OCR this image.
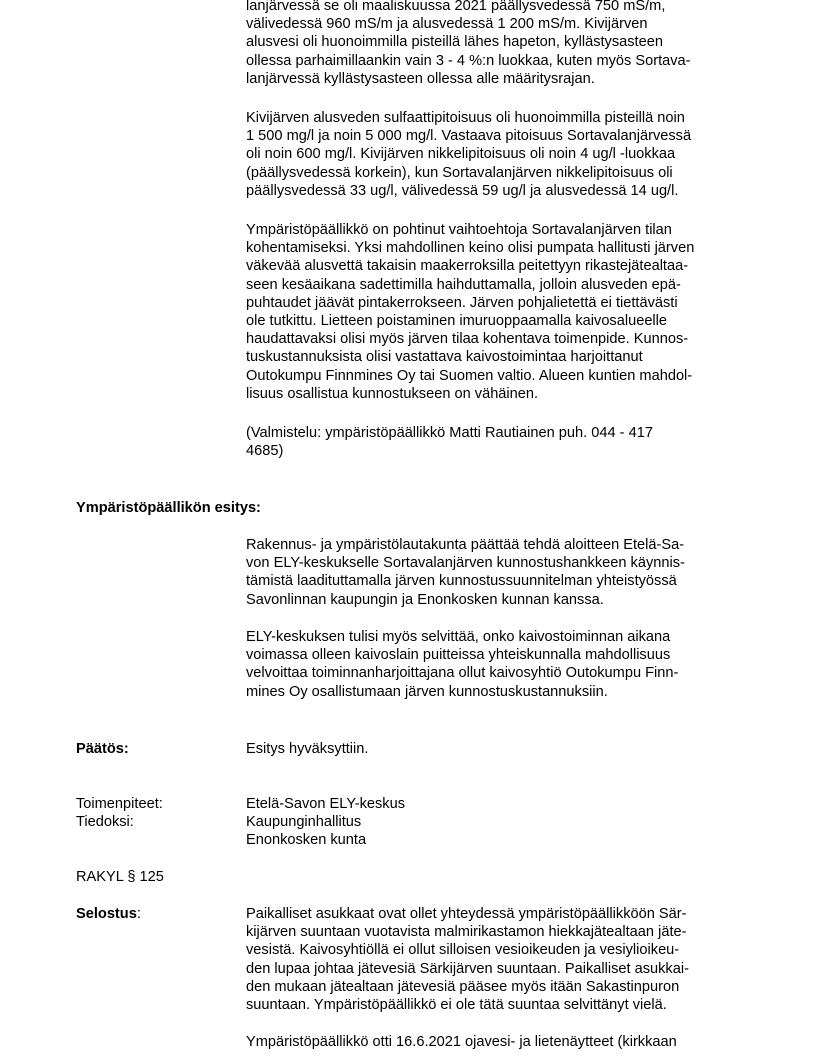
lanjärvessä se oli maaliskuussa 2021 päällysvedessä 750 mS/m,
välivedessä 960 mS/m ja alusvedessä 1 200 mS/m. Kivijärven
alusvesi oli huonoimmilla pisteillä lähes hapeton, kyllästysasteen
ollessa parhaimillaankin vain 3 - 4 %:n luokkaa, kuten myös Sortava-
lanjärvessä kyllästysasteen ollessa alle määritysrajan.

Kivijärven alusveden sulfaattipitoisuus oli huonoimmilla pisteillä noin
1 500 mg/l ja noin 5 000 mg/l. Vastaava pitoisuus Sortavalanjärvessä
oli noin 600 mg/l. Kivijärven nikkelipitoisuus oli noin 4 ug/l -luokkaa
(päällysvedessä korkein), kun Sortavalanjärven nikkelipitoisuus oli
päällysvedessä 33 ug/l, välivedessä 59 ug/l ja alusvedessä 14 ug/l.

Ympäristöpäällikkö on pohtinut vaihtoehtoja Sortavalanjärven tilan
kohentamiseksi. Yksi mahdollinen keino olisi pumpata hallitusti järven
väkevää alusvettä takaisin maakerroksilla peitettyyn rikastejätealtaa-
seen kesäaikana sadettimilla haihduttamalla, jolloin alusveden epä-
puhtaudet jäävät pintakerrokseen. Järven pohjalietettä ei tiettävästi
ole tutkittu. Lietteen poistaminen imuruoppaamalla kaivosalueelle
haudattavaksi olisi myös järven tilaa kohentava toimenpide. Kunnos-
tuskustannuksista olisi vastattava kaivostoimintaa harjoittanut
Outokumpu Finnmines Oy tai Suomen valtio. Alueen kuntien mahdol-
lisuus osallistua kunnostukseen on vähäinen.

(Valmistelu: ympäristöpäällikkö Matti Rautiainen puh. 044 - 417
4685)

Ympäristöpäällikön esitys:

Rakennus- ja ympäristölautakunta päättää tehdä aloitteen Etelä-Sa-
von ELY-keskukselle Sortavalanjärven kunnostushankkeen käynnis-
tämistä laadituttamalla järven kunnostussuunnitelman yhteistyössä
Savonlinnan kaupungin ja Enonkosken kunnan kanssa.

ELY-keskuksen tulisi myös selvittää, onko kaivostoiminnan aikana
voimassa olleen kaivoslain puitteissa yhteiskunnalla mahdollisuus
velvoittaa toiminnanharjoittajana ollut kaivosyhtiö Outokumpu Finn-
mines Oy osallistumaan järven kunnostuskustannuksiin.

Päätös:	Esitys hyväksyttiin.

Toimenpiteet:	Etelä-Savon ELY-keskus

Tiedoksi:	Kaupunginhallitus
Enonkosken kunta

RAKYL § 125

Selostus:	Paikalliset asukkaat ovat ollet yhteydessä ympäristöpäällikköön Sär-
kijärven suuntaan vuotavista malmirikastamon hiekkajätealtaan jäte-
vesistä. Kaivosyhtiöllä ei ollut silloisen vesioikeuden ja vesiylioikeu-
den lupaa johtaa jätevesiä Särkijärven suuntaan. Paikalliset asukkai-
den mukaan jätealtaan jätevesiä pääsee myös itään Sakastinpuron
suuntaan. Ympäristöpäällikkö ei ole tätä suuntaa selvittänyt vielä.

Ympäristöpäällikkö otti 16.6.2021 ojavesi- ja lietenäytteet (kirkkaan
